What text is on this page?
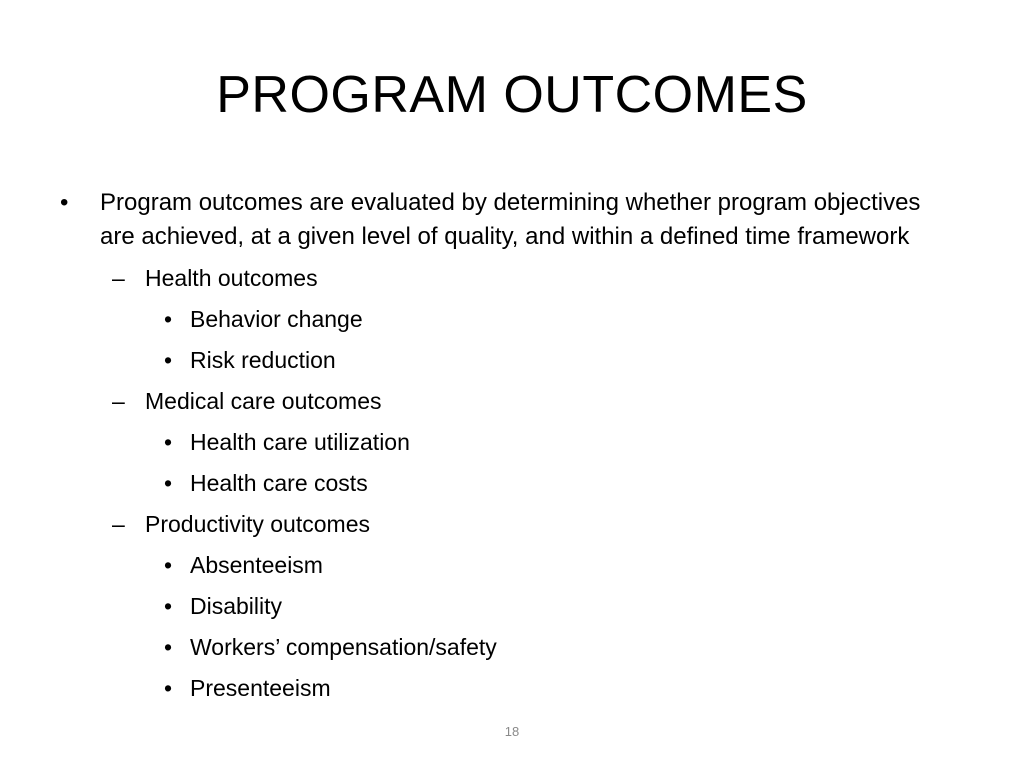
PROGRAM OUTCOMES
•	Program outcomes are evaluated by determining whether program objectives are achieved, at a given level of quality, and within a defined time framework
– Health outcomes
• Behavior change
• Risk reduction
– Medical care outcomes
• Health care utilization
• Health care costs
– Productivity outcomes
• Absenteeism
• Disability
• Workers’ compensation/safety
• Presenteeism
18
